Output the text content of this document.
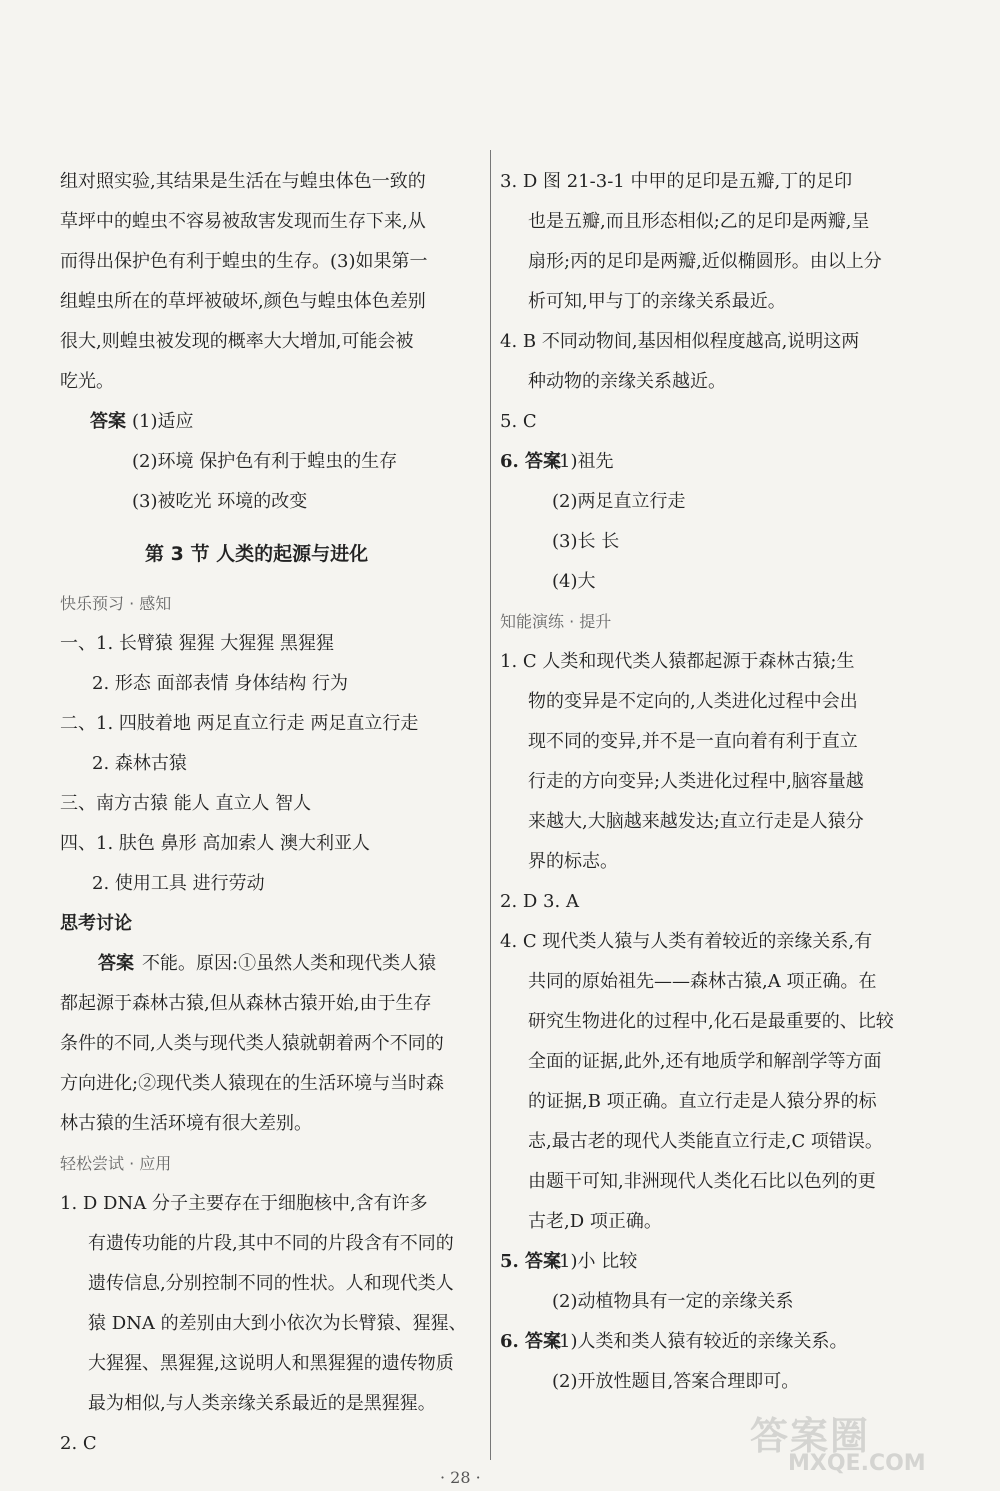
组对照实验,其结果是生活在与蝗虫体色一致的
草坪中的蝗虫不容易被敌害发现而生存下来,从
而得出保护色有利于蝗虫的生存。(3)如果第一
组蝗虫所在的草坪被破坏,颜色与蝗虫体色差别
很大,则蝗虫被发现的概率大大增加,可能会被
吃光。
答案 (1)适应
(2)环境 保护色有利于蝗虫的生存
(3)被吃光 环境的改变
第 3 节 人类的起源与进化
快乐预习 · 感知
一、1. 长臂猿 猩猩 大猩猩 黑猩猩
2. 形态 面部表情 身体结构 行为
二、1. 四肢着地 两足直立行走 两足直立行走
2. 森林古猿
三、南方古猿 能人 直立人 智人
四、1. 肤色 鼻形 高加索人 澳大利亚人
2. 使用工具 进行劳动
思考讨论
答案 不能。原因:①虽然人类和现代类人猿
都起源于森林古猿,但从森林古猿开始,由于生存
条件的不同,人类与现代类人猿就朝着两个不同的
方向进化;②现代类人猿现在的生活环境与当时森
林古猿的生活环境有很大差别。
轻松尝试 · 应用
1. D DNA 分子主要存在于细胞核中,含有许多
有遗传功能的片段,其中不同的片段含有不同的
遗传信息,分别控制不同的性状。人和现代类人
猿 DNA 的差别由大到小依次为长臂猿、猩猩、
大猩猩、黑猩猩,这说明人和黑猩猩的遗传物质
最为相似,与人类亲缘关系最近的是黑猩猩。
2. C
3. D 图 21-3-1 中甲的足印是五瓣,丁的足印
也是五瓣,而且形态相似;乙的足印是两瓣,呈
扇形;丙的足印是两瓣,近似椭圆形。由以上分
析可知,甲与丁的亲缘关系最近。
4. B 不同动物间,基因相似程度越高,说明这两
种动物的亲缘关系越近。
5. C
6. 答案
(1)祖先
(2)两足直立行走
(3)长 长
(4)大
知能演练 · 提升
1. C 人类和现代类人猿都起源于森林古猿;生
物的变异是不定向的,人类进化过程中会出
现不同的变异,并不是一直向着有利于直立
行走的方向变异;人类进化过程中,脑容量越
来越大,大脑越来越发达;直立行走是人猿分
界的标志。
2. D 3. A
4. C 现代类人猿与人类有着较近的亲缘关系,有
共同的原始祖先——森林古猿,A 项正确。在
研究生物进化的过程中,化石是最重要的、比较
全面的证据,此外,还有地质学和解剖学等方面
的证据,B 项正确。直立行走是人猿分界的标
志,最古老的现代人类能直立行走,C 项错误。
由题干可知,非洲现代人类化石比以色列的更
古老,D 项正确。
5. 答案
(1)小 比较
(2)动植物具有一定的亲缘关系
6. 答案
(1)人类和类人猿有较近的亲缘关系。
(2)开放性题目,答案合理即可。
· 28 ·
答案圈
MXQE.COM
